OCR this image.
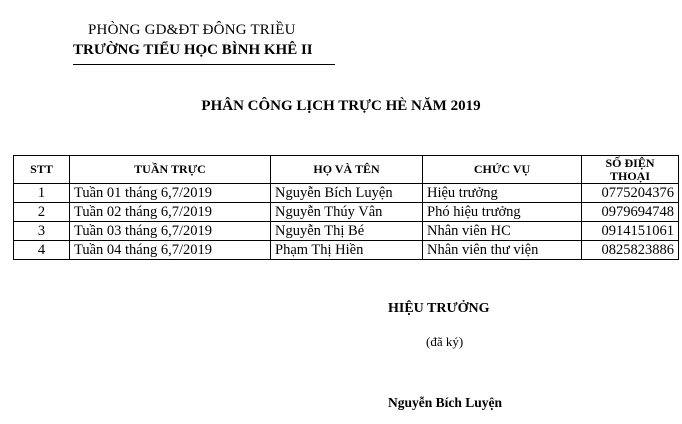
PHÒNG GD&ĐT ĐÔNG TRIỀU
TRƯỜNG TIỂU HỌC BÌNH KHÊ II
PHÂN CÔNG LỊCH TRỰC HÈ NĂM 2019
STT	TUẦN TRỰC	HỌ VÀ TÊN	CHỨC VỤ	SỐ ĐIỆN THOẠI
1	Tuần 01 tháng 6,7/2019	Nguyễn Bích Luyện	Hiệu trưởng	0775204376
2	Tuần 02 tháng 6,7/2019	Nguyễn Thúy Vân	Phó hiệu trưởng	0979694748
3	Tuần 03 tháng 6,7/2019	Nguyễn Thị Bé	Nhân viên HC	0914151061
4	Tuần 04 tháng 6,7/2019	Phạm Thị Hiền	Nhân viên thư viện	0825823886
HIỆU TRƯỞNG
(đã ký)
Nguyễn Bích Luyện
